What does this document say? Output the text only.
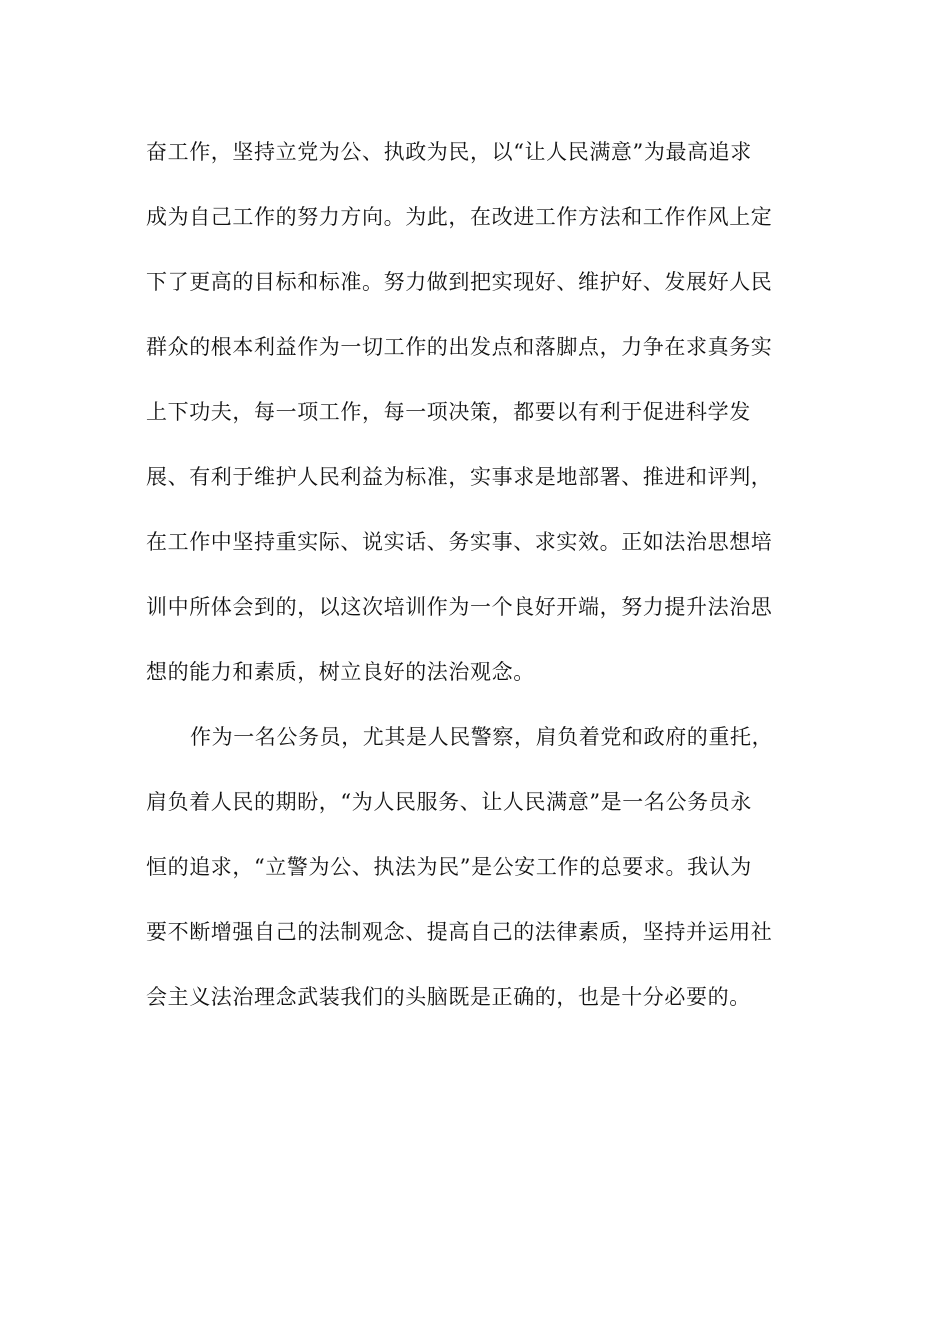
奋工作，坚持立党为公、执政为民，以“让人民满意”为最高追求
成为自己工作的努力方向。为此，在改进工作方法和工作作风上定
下了更高的目标和标准。努力做到把实现好、维护好、发展好人民
群众的根本利益作为一切工作的出发点和落脚点，力争在求真务实
上下功夫，每一项工作，每一项决策，都要以有利于促进科学发
展、有利于维护人民利益为标准，实事求是地部署、推进和评判，
在工作中坚持重实际、说实话、务实事、求实效。正如法治思想培
训中所体会到的，以这次培训作为一个良好开端，努力提升法治思
想的能力和素质，树立良好的法治观念。
作为一名公务员，尤其是人民警察，肩负着党和政府的重托，
肩负着人民的期盼，“为人民服务、让人民满意”是一名公务员永
恒的追求，“立警为公、执法为民”是公安工作的总要求。我认为
要不断增强自己的法制观念、提高自己的法律素质，坚持并运用社
会主义法治理念武装我们的头脑既是正确的，也是十分必要的。
